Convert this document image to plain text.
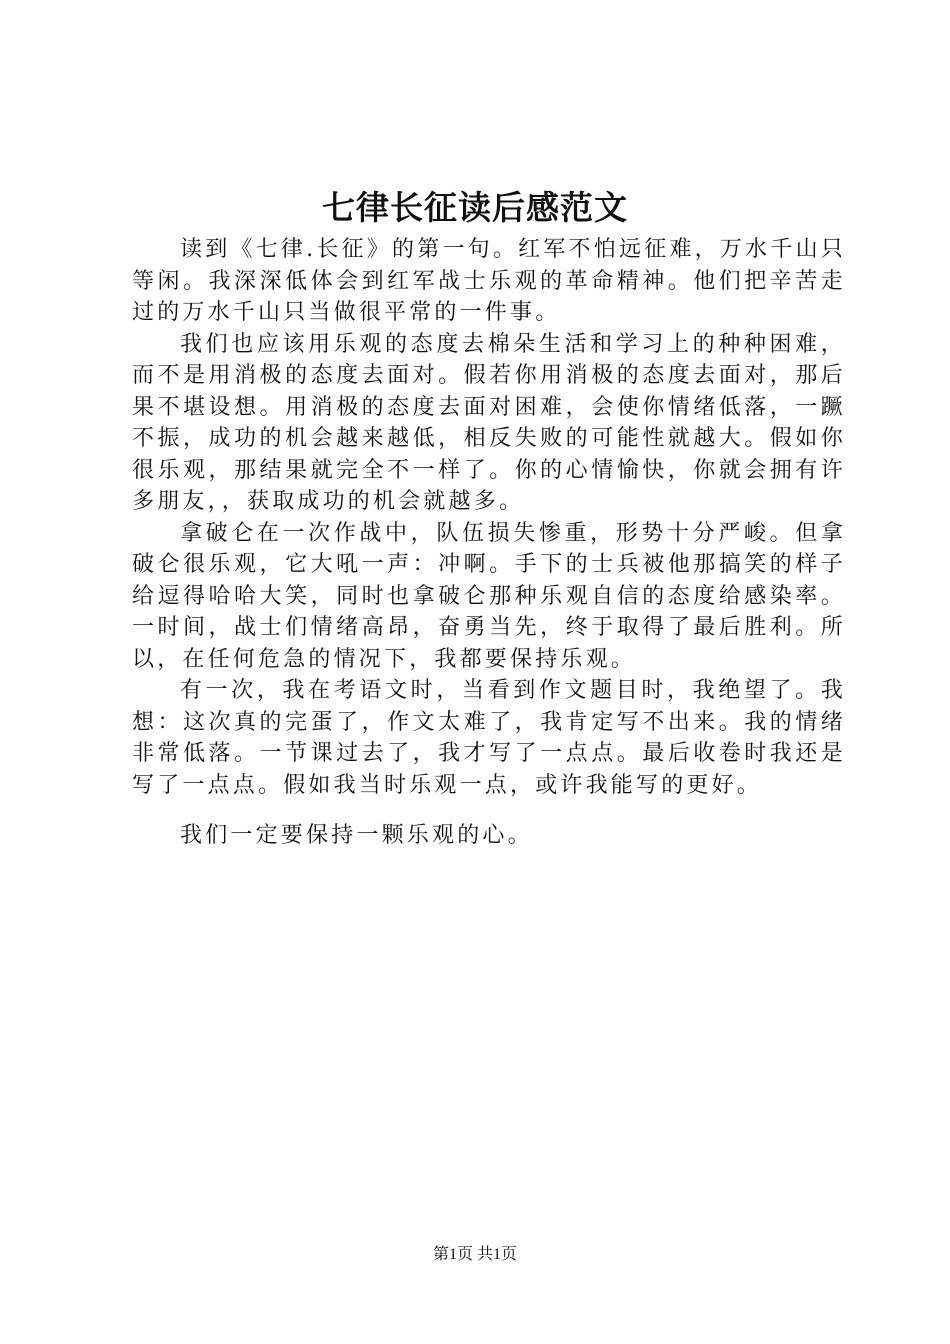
七律长征读后感范文

读到《七律.长征》的第一句。红军不怕远征难，万水千山只等闲。我深深低体会到红军战士乐观的革命精神。他们把辛苦走过的万水千山只当做很平常的一件事。

我们也应该用乐观的态度去棉朵生活和学习上的种种困难，而不是用消极的态度去面对。假若你用消极的态度去面对，那后果不堪设想。用消极的态度去面对困难，会使你情绪低落，一蹶不振，成功的机会越来越低，相反失败的可能性就越大。假如你很乐观，那结果就完全不一样了。你的心情愉快，你就会拥有许多朋友，，获取成功的机会就越多。

拿破仑在一次作战中，队伍损失惨重，形势十分严峻。但拿破仑很乐观，它大吼一声：冲啊。手下的士兵被他那搞笑的样子给逗得哈哈大笑，同时也拿破仑那种乐观自信的态度给感染率。一时间，战士们情绪高昂，奋勇当先，终于取得了最后胜利。所以，在任何危急的情况下，我都要保持乐观。

有一次，我在考语文时，当看到作文题目时，我绝望了。我想：这次真的完蛋了，作文太难了，我肯定写不出来。我的情绪非常低落。一节课过去了，我才写了一点点。最后收卷时我还是写了一点点。假如我当时乐观一点，或许我能写的更好。

我们一定要保持一颗乐观的心。

第1页 共1页
